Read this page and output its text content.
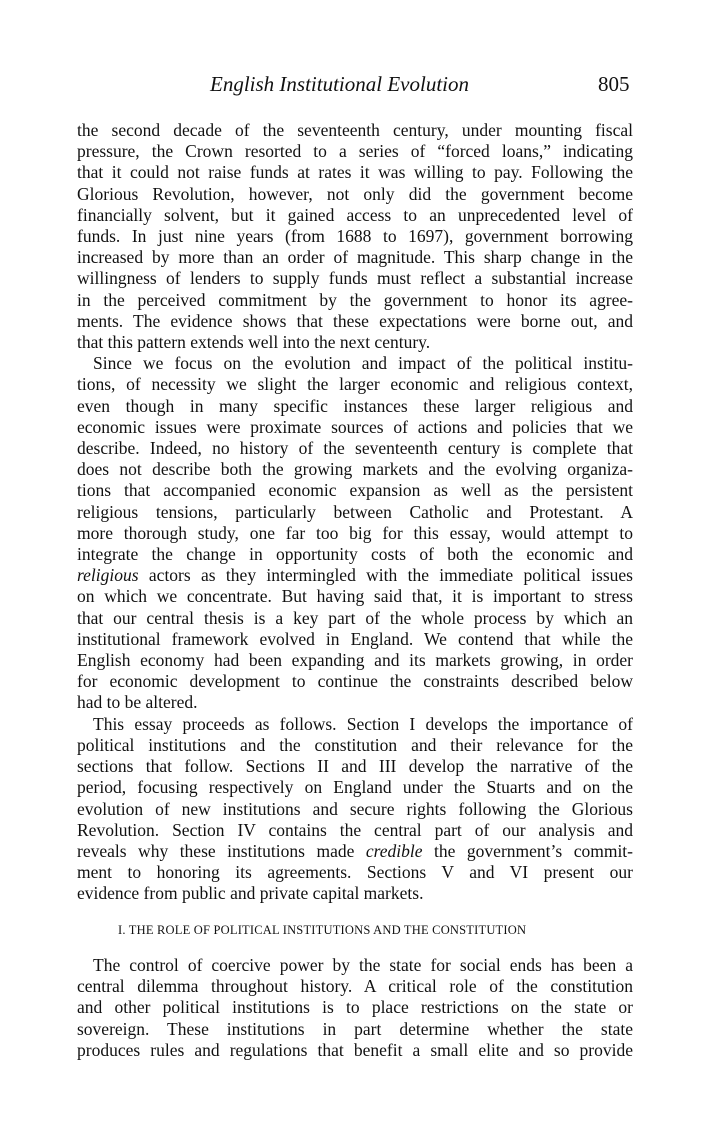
English Institutional Evolution	805

the second decade of the seventeenth century, under mounting fiscal
pressure, the Crown resorted to a series of “forced loans,” indicating
that it could not raise funds at rates it was willing to pay. Following the
Glorious Revolution, however, not only did the government become
financially solvent, but it gained access to an unprecedented level of
funds. In just nine years (from 1688 to 1697), government borrowing
increased by more than an order of magnitude. This sharp change in the
willingness of lenders to supply funds must reflect a substantial increase
in the perceived commitment by the government to honor its agree-
ments. The evidence shows that these expectations were borne out, and
that this pattern extends well into the next century.

Since we focus on the evolution and impact of the political institu-
tions, of necessity we slight the larger economic and religious context,
even though in many specific instances these larger religious and
economic issues were proximate sources of actions and policies that we
describe. Indeed, no history of the seventeenth century is complete that
does not describe both the growing markets and the evolving organiza-
tions that accompanied economic expansion as well as the persistent
religious tensions, particularly between Catholic and Protestant. A
more thorough study, one far too big for this essay, would attempt to
integrate the change in opportunity costs of both the economic and
religious actors as they intermingled with the immediate political issues
on which we concentrate. But having said that, it is important to stress
that our central thesis is a key part of the whole process by which an
institutional framework evolved in England. We contend that while the
English economy had been expanding and its markets growing, in order
for economic development to continue the constraints described below
had to be altered.

This essay proceeds as follows. Section I develops the importance of
political institutions and the constitution and their relevance for the
sections that follow. Sections II and III develop the narrative of the
period, focusing respectively on England under the Stuarts and on the
evolution of new institutions and secure rights following the Glorious
Revolution. Section IV contains the central part of our analysis and
reveals why these institutions made credible the government’s commit-
ment to honoring its agreements. Sections V and VI present our
evidence from public and private capital markets.

I. THE ROLE OF POLITICAL INSTITUTIONS AND THE CONSTITUTION

The control of coercive power by the state for social ends has been a
central dilemma throughout history. A critical role of the constitution
and other political institutions is to place restrictions on the state or
sovereign. These institutions in part determine whether the state
produces rules and regulations that benefit a small elite and so provide
